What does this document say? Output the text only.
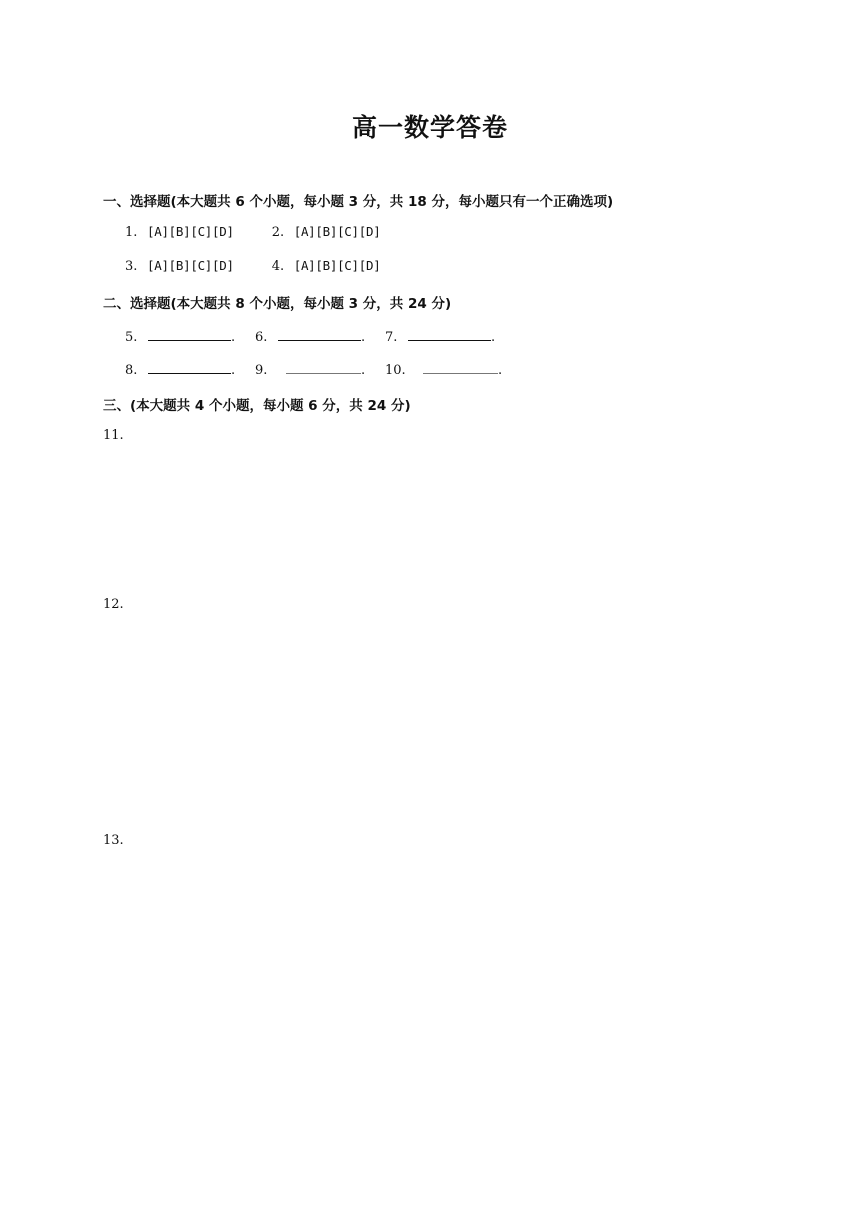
高一数学答卷
一、选择题(本大题共 6 个小题，每小题 3 分，共 18 分，每小题只有一个正确选项)
1. [A][B][C][D]	2. [A][B][C][D]
3. [A][B][C][D]	4. [A][B][C][D]
二、选择题(本大题共 8 个小题，每小题 3 分，共 24 分)
5.	.	6.	.	7.	.
8.	.	9.	.	10.	.
三、(本大题共 4 个小题，每小题 6 分，共 24 分)
11.
12.
13.
